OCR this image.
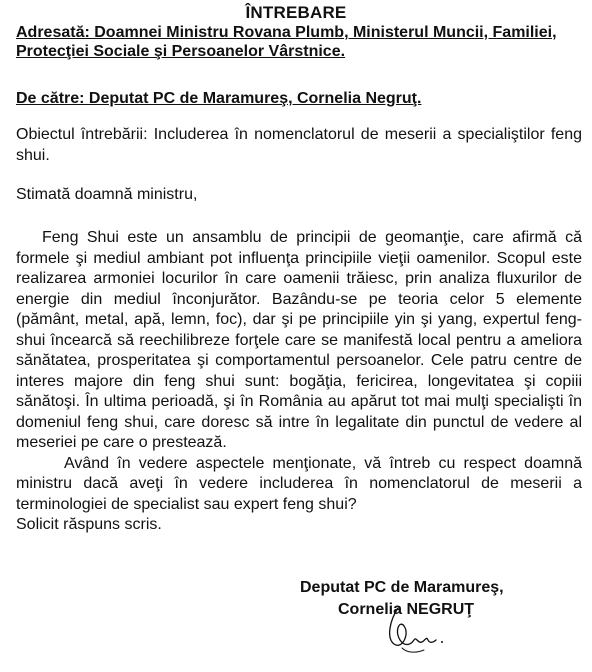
ÎNTREBARE
Adresată: Doamnei Ministru Rovana Plumb, Ministerul Muncii, Familiei, Protecţiei Sociale şi Persoanelor Vârstnice.
De către: Deputat PC de Maramureş, Cornelia Negruţ.
Obiectul întrebării: Includerea în nomenclatorul de meserii a specialiştilor feng shui.
Stimată doamnă ministru,

Feng Shui este un ansamblu de principii de geomanţie, care afirmă că formele şi mediul ambiant pot influenţa principiile vieţii oamenilor. Scopul este realizarea armoniei locurilor în care oamenii trăiesc, prin analiza fluxurilor de energie din mediul înconjurător. Bazându-se pe teoria celor 5 elemente (pământ, metal, apă, lemn, foc), dar şi pe principiile yin şi yang, expertul feng-shui încearcă să reechilibreze forţele care se manifestă local pentru a ameliora sănătatea, prosperitatea şi comportamentul persoanelor. Cele patru centre de interes majore din feng shui sunt: bogăţia, fericirea, longevitatea şi copiii sănătoşi. În ultima perioadă, şi în România au apărut tot mai mulţi specialişti în domeniul feng shui, care doresc să intre în legalitate din punctul de vedere al meseriei pe care o prestează.

Având în vedere aspectele menţionate, vă întreb cu respect doamnă ministru dacă aveţi în vedere includerea în nomenclatorul de meserii a terminologiei de specialist sau expert feng shui?

Solicit răspuns scris.

Deputat PC de Maramureş,
Cornelia NEGRUŢ
